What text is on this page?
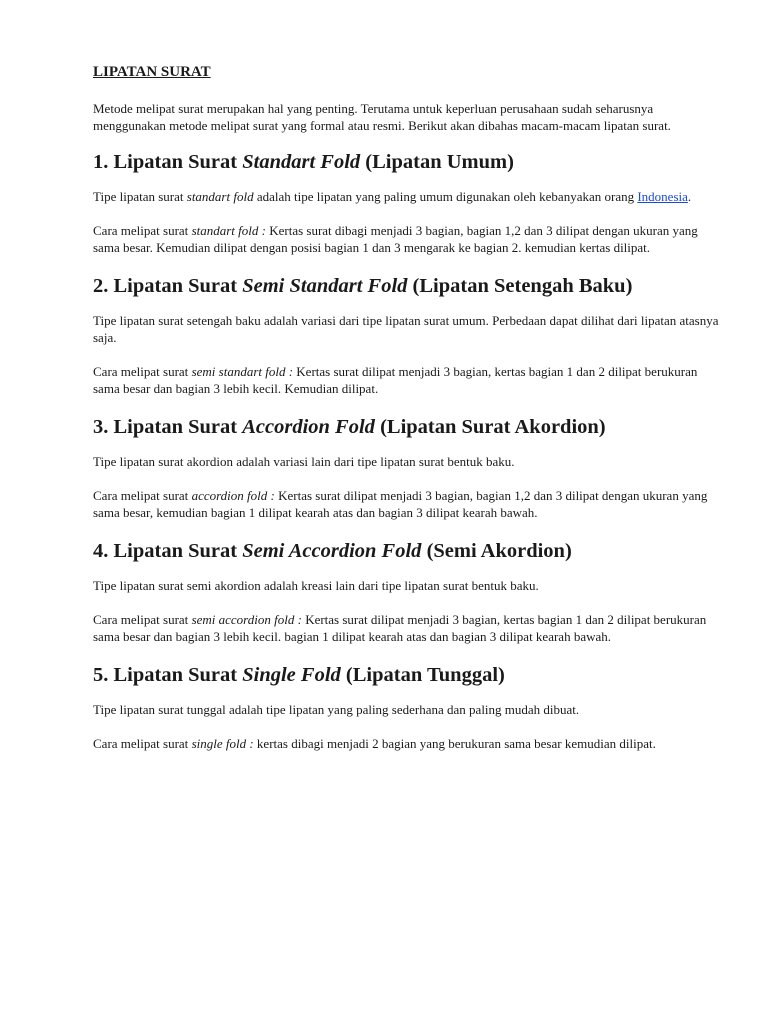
LIPATAN SURAT

Metode melipat surat merupakan hal yang penting. Terutama untuk keperluan perusahaan sudah seharusnya menggunakan metode melipat surat yang formal atau resmi. Berikut akan dibahas macam-macam lipatan surat.

1. Lipatan Surat Standart Fold (Lipatan Umum)

Tipe lipatan surat standart fold adalah tipe lipatan yang paling umum digunakan oleh kebanyakan orang Indonesia.

Cara melipat surat standart fold : Kertas surat dibagi menjadi 3 bagian, bagian 1,2 dan 3 dilipat dengan ukuran yang sama besar. Kemudian dilipat dengan posisi bagian 1 dan 3 mengarak ke bagian 2. kemudian kertas dilipat.

2. Lipatan Surat Semi Standart Fold (Lipatan Setengah Baku)

Tipe lipatan surat setengah baku adalah variasi dari tipe lipatan surat umum. Perbedaan dapat dilihat dari lipatan atasnya saja.

Cara melipat surat semi standart fold : Kertas surat dilipat menjadi 3 bagian, kertas bagian 1 dan 2 dilipat berukuran sama besar dan bagian 3 lebih kecil. Kemudian dilipat.

3. Lipatan Surat Accordion Fold (Lipatan Surat Akordion)

Tipe lipatan surat akordion adalah variasi lain dari tipe lipatan surat bentuk baku.

Cara melipat surat accordion fold : Kertas surat dilipat menjadi 3 bagian, bagian 1,2 dan 3 dilipat dengan ukuran yang sama besar, kemudian bagian 1 dilipat kearah atas dan bagian 3 dilipat kearah bawah.

4. Lipatan Surat Semi Accordion Fold (Semi Akordion)

Tipe lipatan surat semi akordion adalah kreasi lain dari tipe lipatan surat bentuk baku.

Cara melipat surat semi accordion fold : Kertas surat dilipat menjadi 3 bagian, kertas bagian 1 dan 2 dilipat berukuran sama besar dan bagian 3 lebih kecil. bagian 1 dilipat kearah atas dan bagian 3 dilipat kearah bawah.

5. Lipatan Surat Single Fold (Lipatan Tunggal)

Tipe lipatan surat tunggal adalah tipe lipatan yang paling sederhana dan paling mudah dibuat.

Cara melipat surat single fold : kertas dibagi menjadi 2 bagian yang berukuran sama besar kemudian dilipat.
